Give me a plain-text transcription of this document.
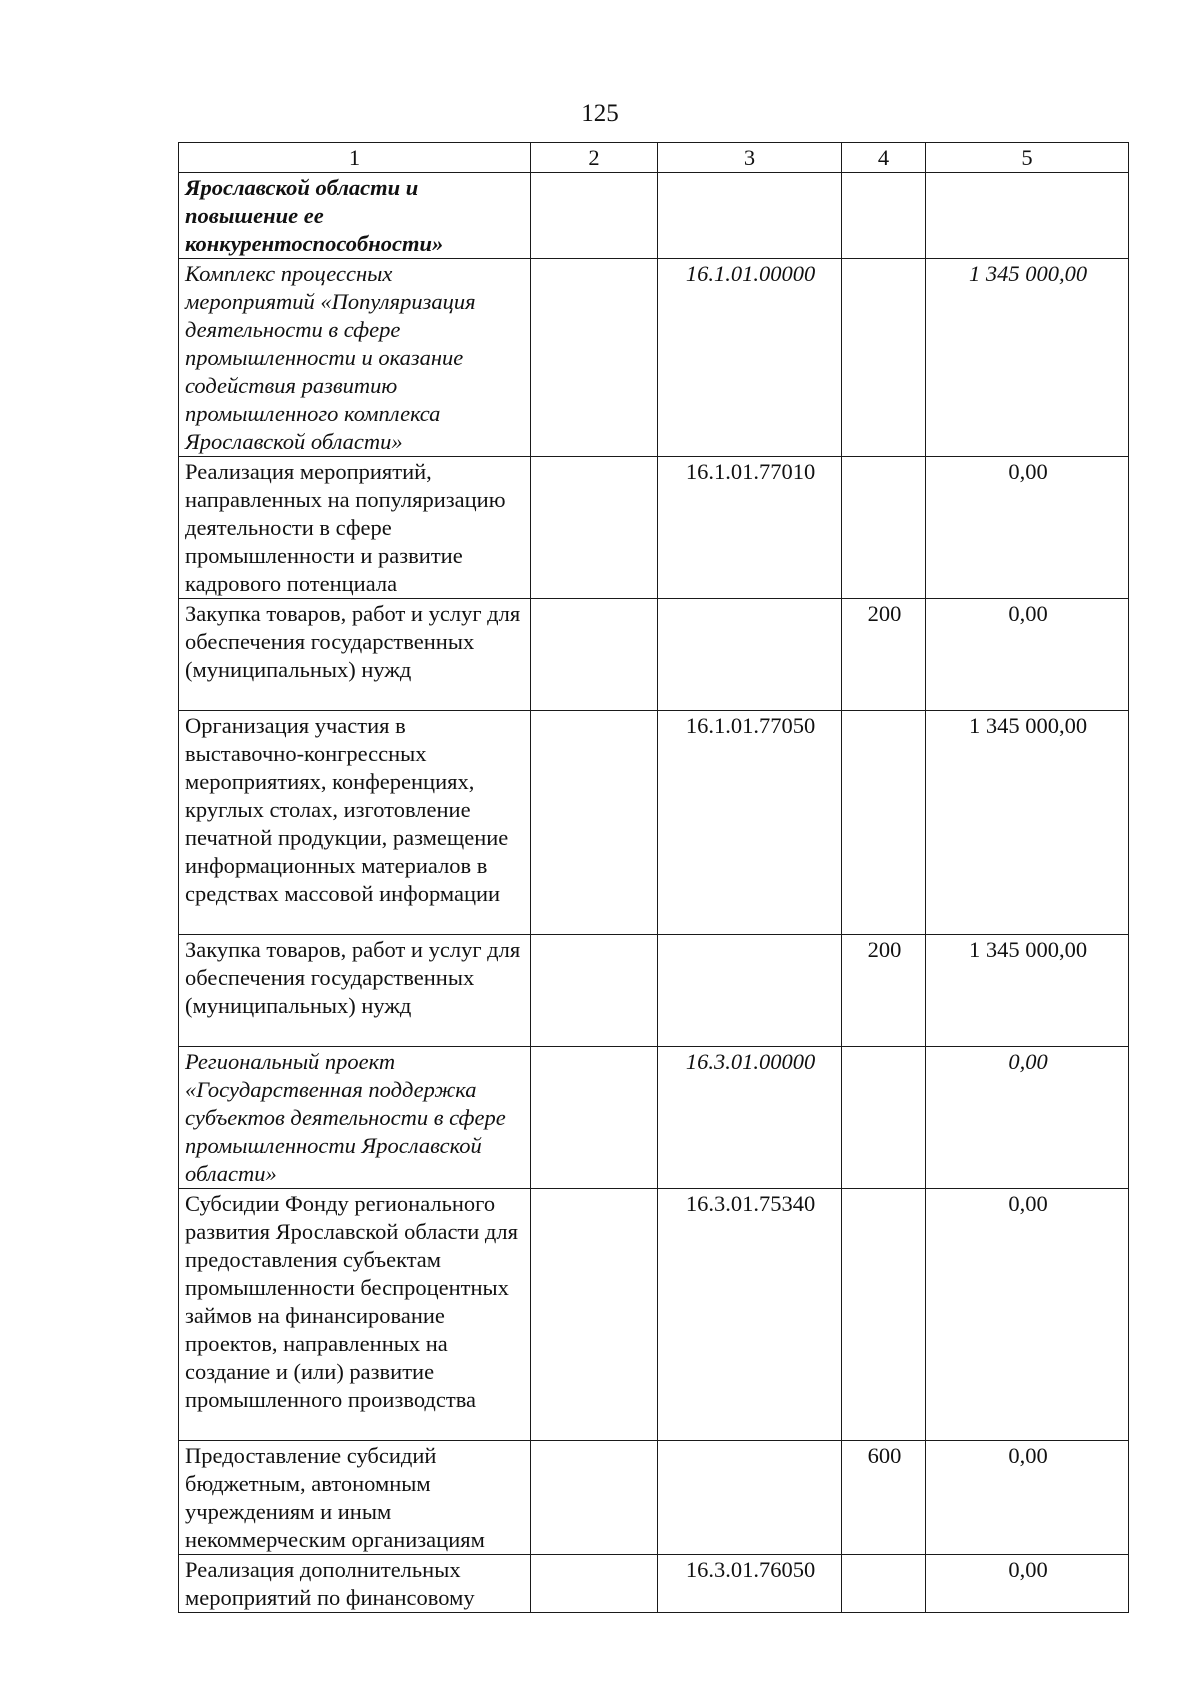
125
1	2	3	4	5
Ярославской области и повышение ее конкурентоспособности»				
Комплекс процессных мероприятий «Популяризация деятельности в сфере промышленности и оказание содействия развитию промышленного комплекса Ярославской области»		16.1.01.00000		1 345 000,00
Реализация мероприятий, направленных на популяризацию деятельности в сфере промышленности и развитие кадрового потенциала		16.1.01.77010		0,00
Закупка товаров, работ и услуг для обеспечения государственных (муниципальных) нужд			200	0,00
Организация участия в выставочно-конгрессных мероприятиях, конференциях, круглых столах, изготовление печатной продукции, размещение информационных материалов в средствах массовой информации		16.1.01.77050		1 345 000,00
Закупка товаров, работ и услуг для обеспечения государственных (муниципальных) нужд			200	1 345 000,00
Региональный проект «Государственная поддержка субъектов деятельности в сфере промышленности Ярославской области»		16.3.01.00000		0,00
Субсидии Фонду регионального развития Ярославской области для предоставления субъектам промышленности беспроцентных займов на финансирование проектов, направленных на создание и (или) развитие промышленного производства		16.3.01.75340		0,00
Предоставление субсидий бюджетным, автономным учреждениям и иным некоммерческим организациям			600	0,00
Реализация дополнительных мероприятий по финансовому		16.3.01.76050		0,00
